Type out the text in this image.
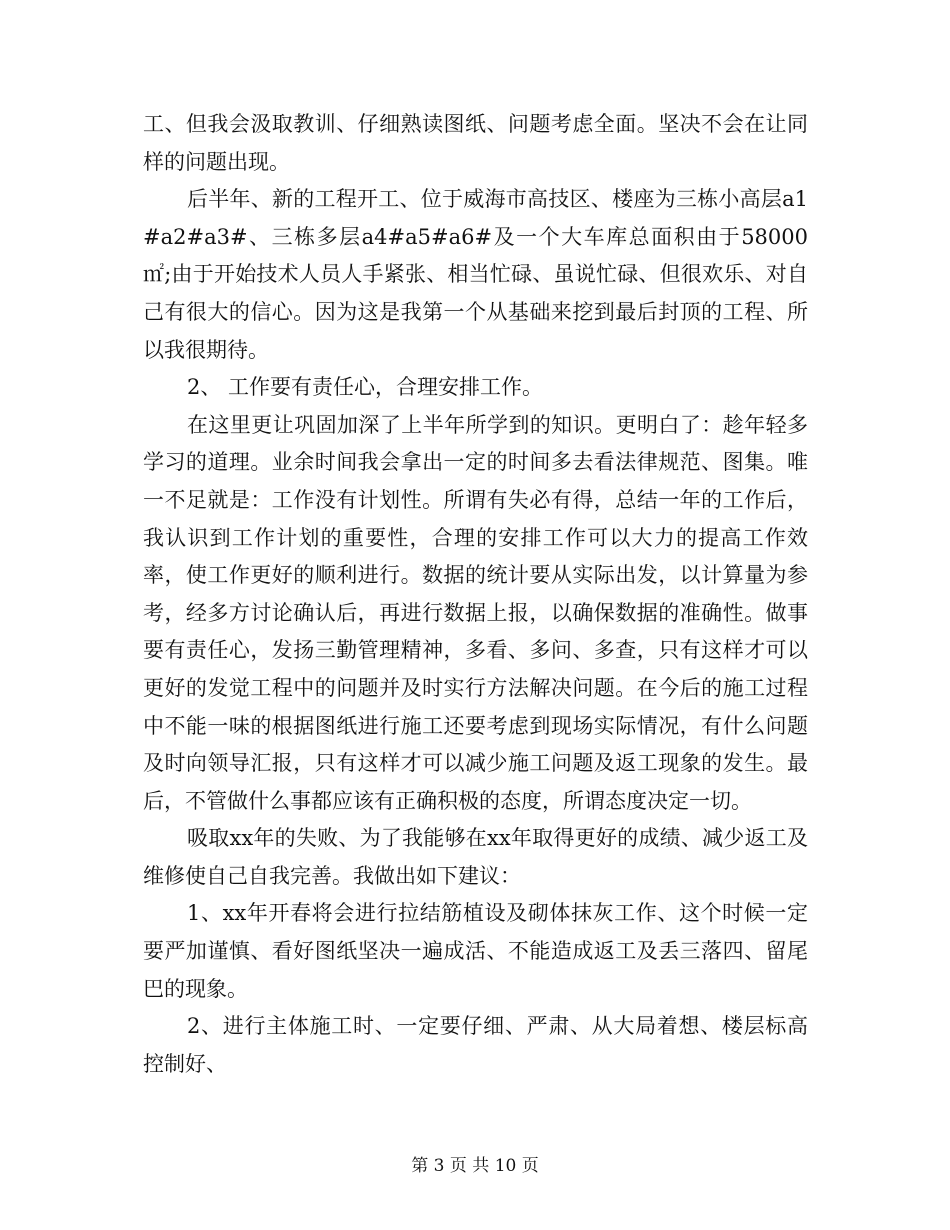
工、但我会汲取教训、仔细熟读图纸、问题考虑全面。坚决不会在让同样的问题出现。

后半年、新的工程开工、位于威海市高技区、楼座为三栋小高层a1#a2#a3#、三栋多层a4#a5#a6#及一个大车库总面积由于58000㎡;由于开始技术人员人手紧张、相当忙碌、虽说忙碌、但很欢乐、对自己有很大的信心。因为这是我第一个从基础来挖到最后封顶的工程、所以我很期待。

2、 工作要有责任心，合理安排工作。

在这里更让巩固加深了上半年所学到的知识。更明白了：趁年轻多学习的道理。业余时间我会拿出一定的时间多去看法律规范、图集。唯一不足就是：工作没有计划性。所谓有失必有得，总结一年的工作后，我认识到工作计划的重要性，合理的安排工作可以大力的提高工作效率，使工作更好的顺利进行。数据的统计要从实际出发，以计算量为参考，经多方讨论确认后，再进行数据上报，以确保数据的准确性。做事要有责任心，发扬三勤管理精神，多看、多问、多查，只有这样才可以更好的发觉工程中的问题并及时实行方法解决问题。在今后的施工过程中不能一味的根据图纸进行施工还要考虑到现场实际情况，有什么问题及时向领导汇报，只有这样才可以减少施工问题及返工现象的发生。最后，不管做什么事都应该有正确积极的态度，所谓态度决定一切。

吸取xx年的失败、为了我能够在xx年取得更好的成绩、减少返工及维修使自己自我完善。我做出如下建议：

1、xx年开春将会进行拉结筋植设及砌体抹灰工作、这个时候一定要严加谨慎、看好图纸坚决一遍成活、不能造成返工及丢三落四、留尾巴的现象。

2、进行主体施工时、一定要仔细、严肃、从大局着想、楼层标高控制好、

第 3 页 共 10 页
